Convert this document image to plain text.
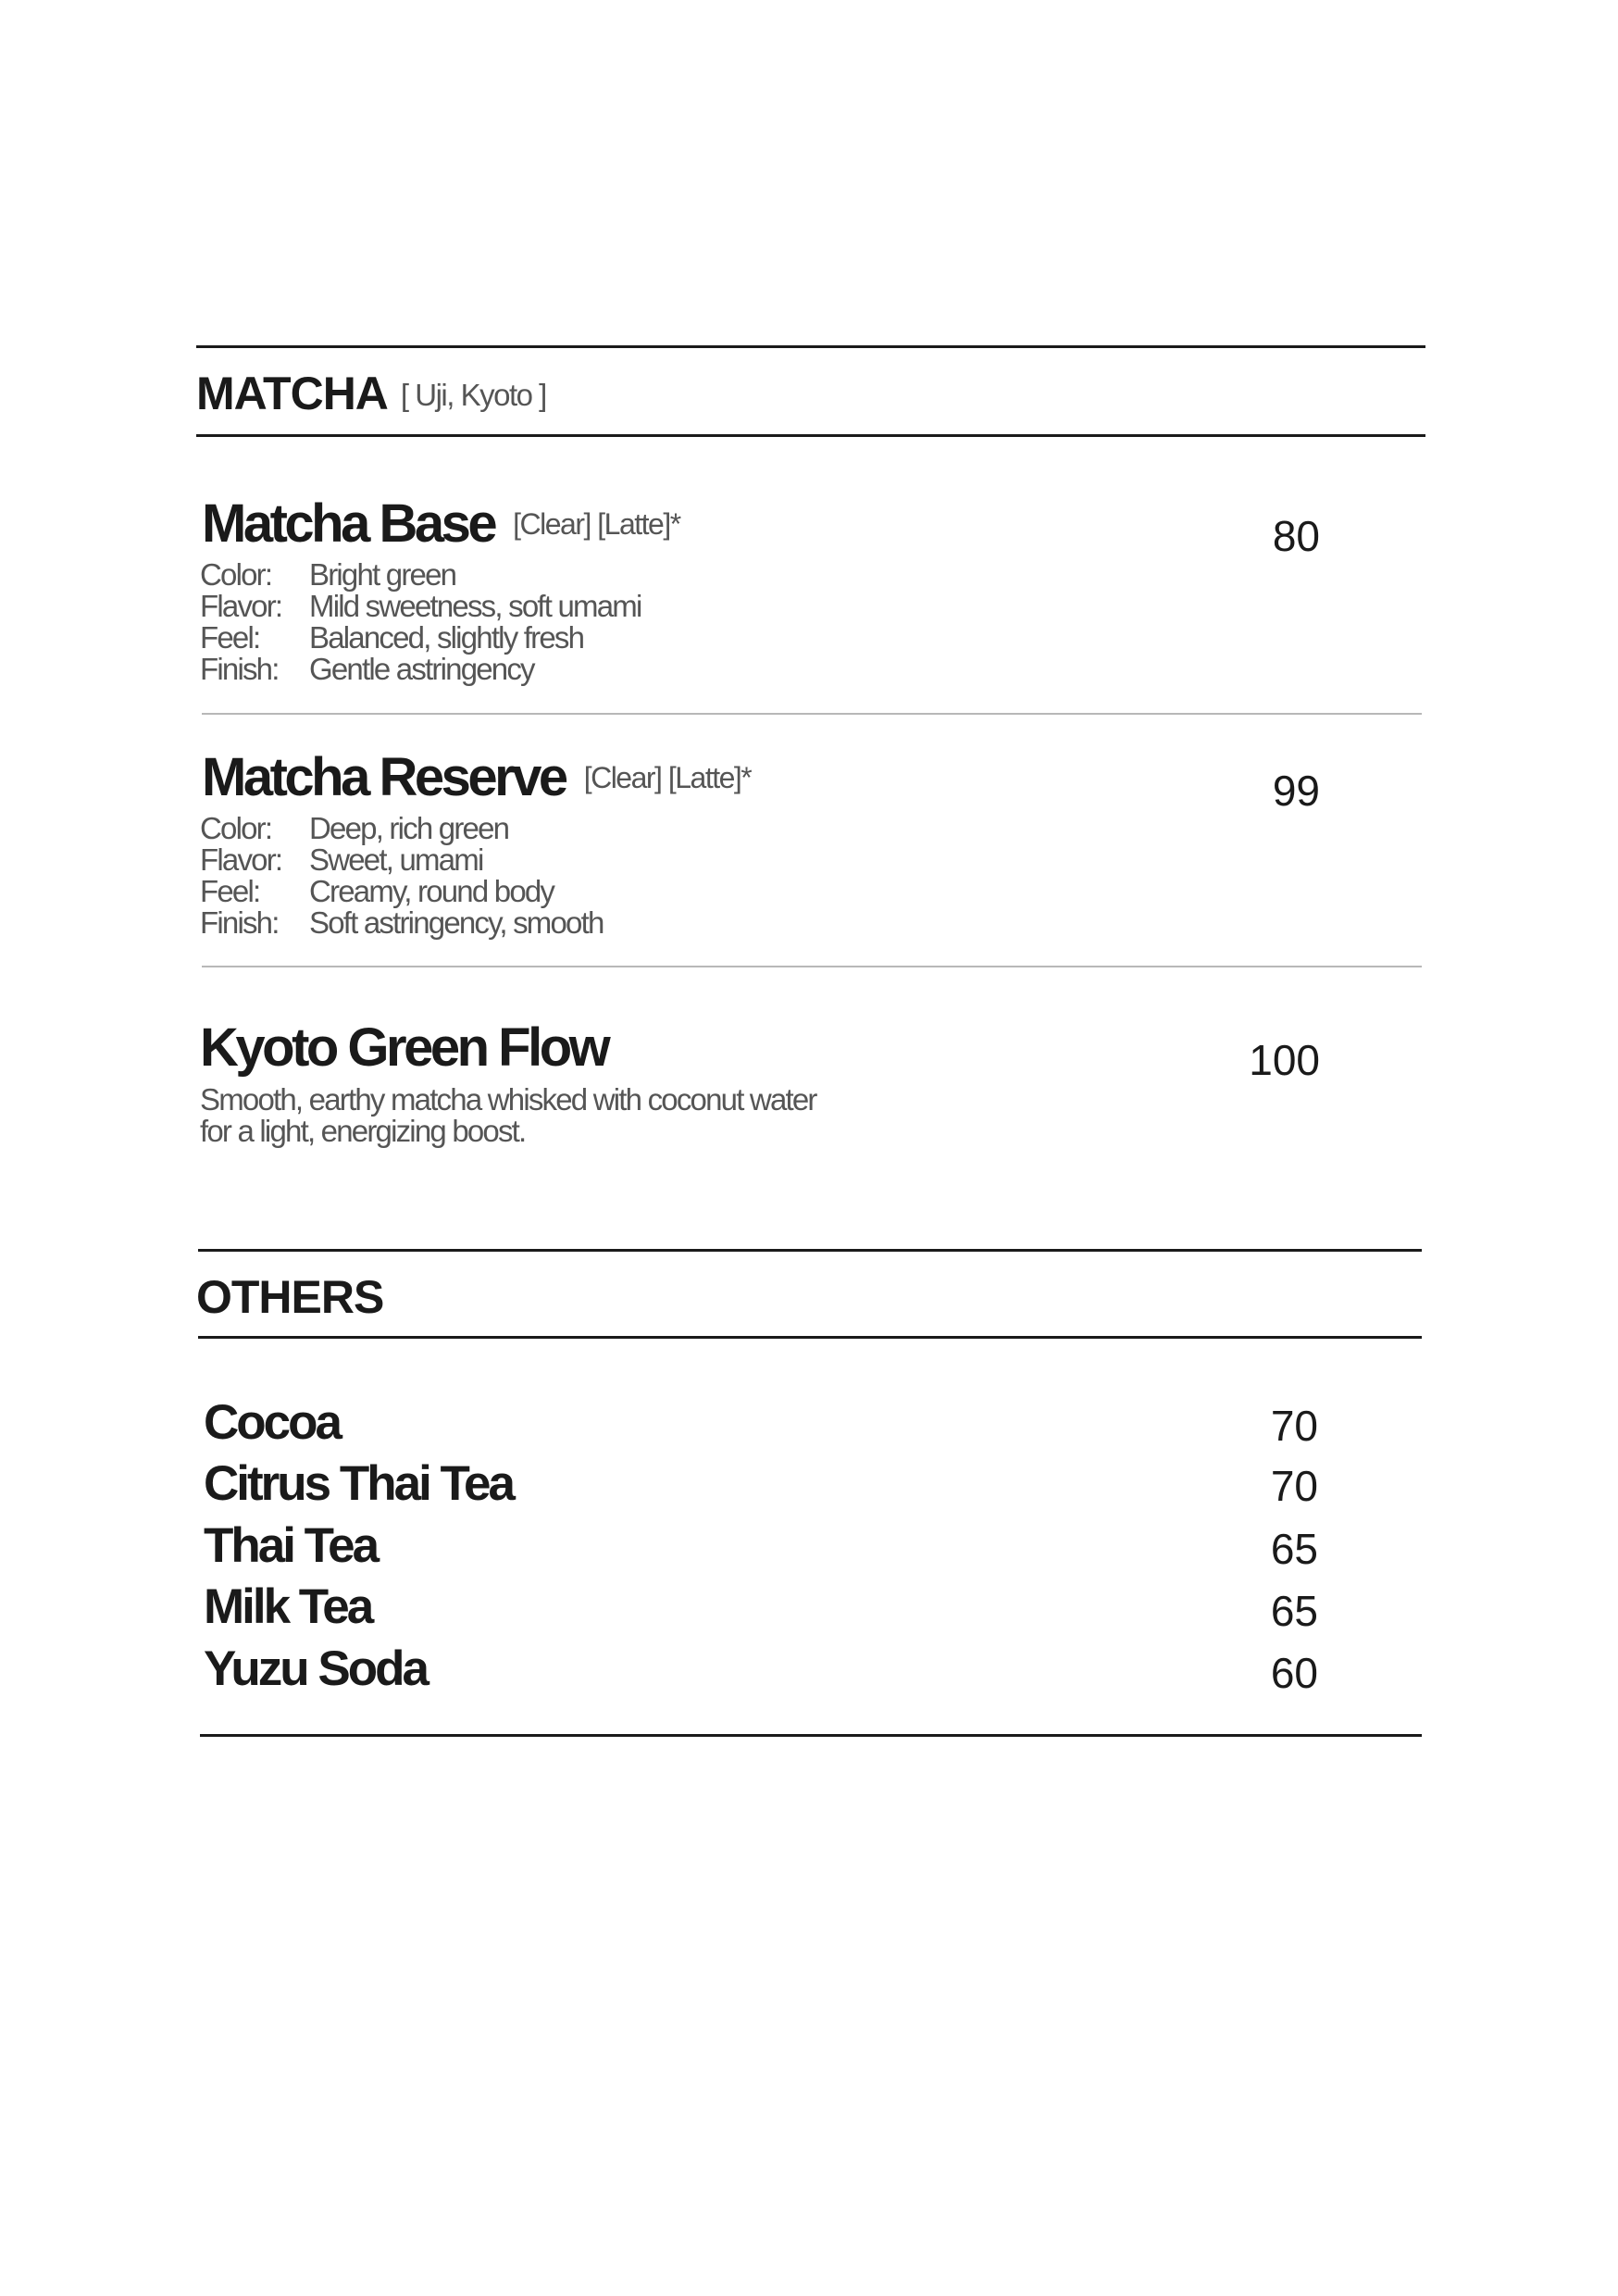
MATCHA [ Uji, Kyoto ]
Matcha Base [Clear] [Latte]*	80
Color:	Bright green
Flavor: Mild sweetness, soft umami
Feel:	Balanced, slightly fresh
Finish:	Gentle astringency
Matcha Reserve [Clear] [Latte]*	99
Color:	Deep, rich green
Flavor: Sweet, umami
Feel:	Creamy, round body
Finish:	Soft astringency, smooth
Kyoto Green Flow	100
Smooth, earthy matcha whisked with coconut water
for a light, energizing boost.
OTHERS
Cocoa	70
Citrus Thai Tea	70
Thai Tea	65
Milk Tea	65
Yuzu Soda	60
